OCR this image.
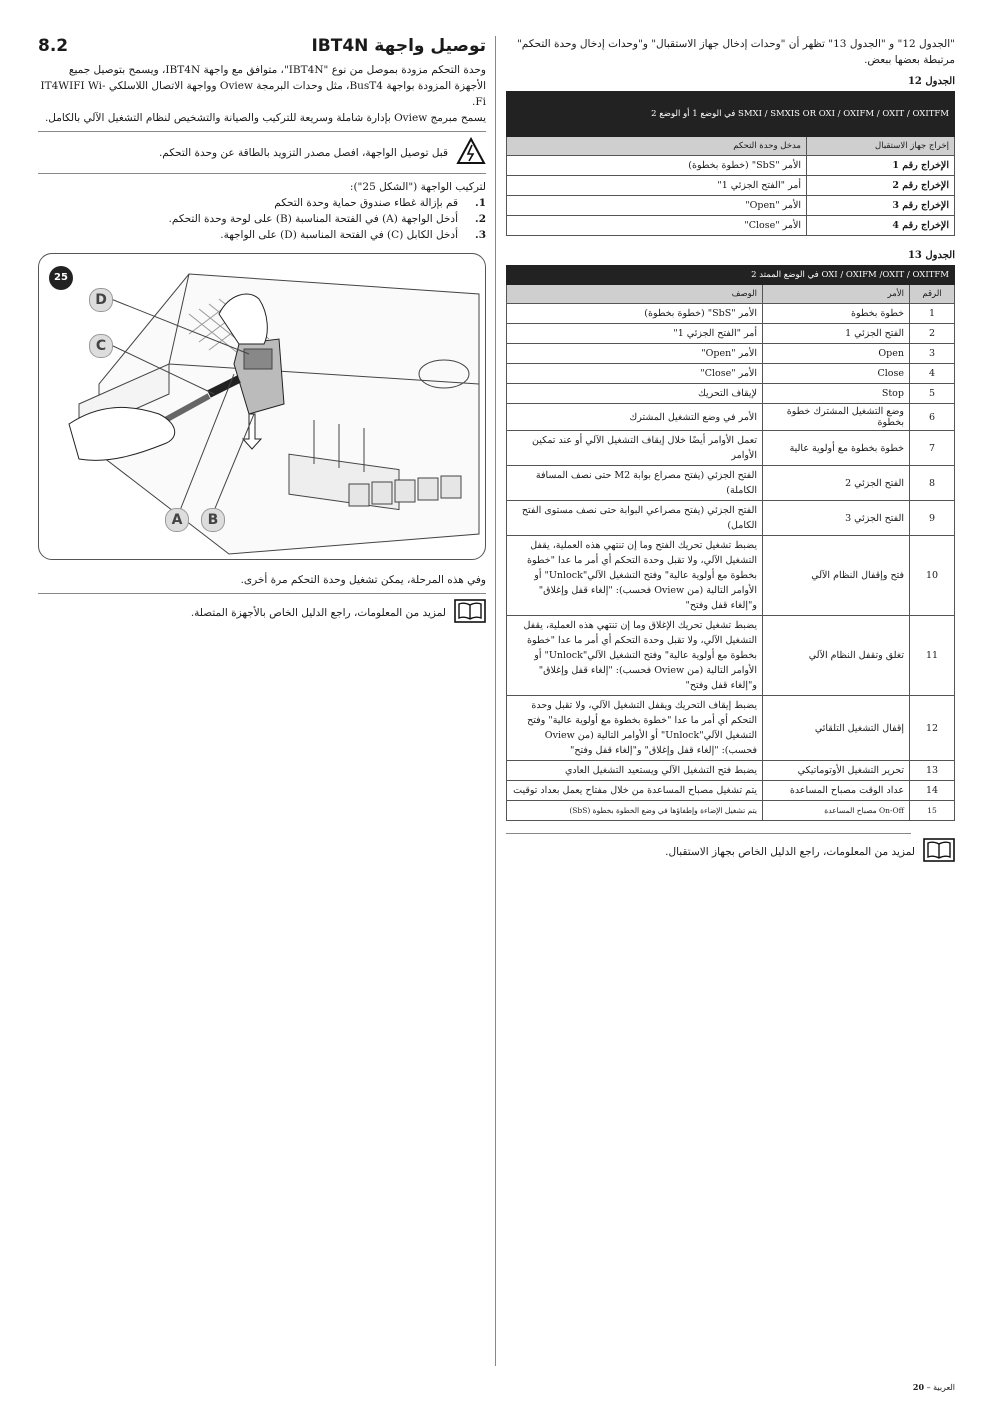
توصيل واجهة IBT4N
8.2
وحدة التحكم مزودة بموصل من نوع "IBT4N"، متوافق مع واجهة IBT4N، ويسمح بتوصيل جميع الأجهزة المزودة بواجهة BusT4، مثل وحدات البرمجة Oview وواجهة الاتصال اللاسلكي IT4WIFI Wi-Fi.
يسمح مبرمج Oview بإدارة شاملة وسريعة للتركيب والصيانة والتشخيص لنظام التشغيل الآلي بالكامل.
قبل توصيل الواجهة، افصل مصدر التزويد بالطاقة عن وحدة التحكم.
لتركيب الواجهة ("الشكل 25"):
1.
قم بإزالة غطاء صندوق حماية وحدة التحكم
2.
أدخل الواجهة (A) في الفتحة المناسبة (B) على لوحة وحدة التحكم.
3.
أدخل الكابل (C) في الفتحة المناسبة (D) على الواجهة.
25
D
C
A	B
وفي هذه المرحلة، يمكن تشغيل وحدة التحكم مرة أخرى.
لمزيد من المعلومات، راجع الدليل الخاص بالأجهزة المتصلة.
"الجدول 12" و "الجدول 13" تظهر أن "وحدات إدخال جهاز الاستقبال" و"وحدات إدخال وحدة التحكم" مرتبطة بعضها ببعض.
الجدول 12
SMXI / SMXIS OR OXI / OXIFM / OXIT / OXITFM في الوضع 1 أو الوضع 2	
إخراج جهاز الاستقبال	مدخل وحدة التحكم
الإخراج رقم 1	الأمر "SbS" (خطوة بخطوة)
الإخراج رقم 2	أمر "الفتح الجزئي 1"
الإخراج رقم 3	الأمر "Open"
الإخراج رقم 4	الأمر "Close"
الجدول 13
OXI / OXIFM /OXIT / OXITFM في الوضع الممتد 2		
الرقم	الأمر	الوصف
1	خطوة بخطوة	الأمر "SbS" (خطوة بخطوة)
2	الفتح الجزئي 1	أمر "الفتح الجزئي 1"
3	Open	الأمر "Open"
4	Close	الأمر "Close"
5	Stop	لإيقاف التحريك
6	وضع التشغيل المشترك خطوة بخطوة	الأمر في وضع التشغيل المشترك
7	خطوة بخطوة مع أولوية عالية	تعمل الأوامر أيضًا خلال إيقاف التشغيل الآلي أو عند تمكين الأوامر
8	الفتح الجزئي 2	الفتح الجزئي (يفتح مصراع بوابة M2 حتى نصف المسافة الكاملة)
9	الفتح الجزئي 3	الفتح الجزئي (يفتح مصراعي البوابة حتى نصف مستوى الفتح الكامل)
10	فتح وإقفال النظام الآلي	يضبط تشغيل تحريك الفتح وما إن تنتهي هذه العملية، يقفل التشغيل الآلي، ولا تقبل وحدة التحكم أي أمر ما عدا "خطوة بخطوة مع أولوية عالية" وفتح التشغيل الآلي"Unlock" أو الأوامر التالية (من Oview فحسب): "إلغاء قفل وإغلاق" و"إلغاء قفل وفتح"
11	تغلق وتقفل النظام الآلي	يضبط تشغيل تحريك الإغلاق وما إن تنتهي هذه العملية، يقفل التشغيل الآلي، ولا تقبل وحدة التحكم أي أمر ما عدا "خطوة بخطوة مع أولوية عالية" وفتح التشغيل الآلي"Unlock" أو الأوامر التالية (من Oview فحسب): "إلغاء قفل وإغلاق" و"إلغاء قفل وفتح"
12	إقفال التشغيل التلقائي	يضبط إيقاف التحريك ويقفل التشغيل الآلي، ولا تقبل وحدة التحكم أي أمر ما عدا "خطوة بخطوة مع أولوية عالية" وفتح التشغيل الآلي"Unlock" أو الأوامر التالية (من Oview فحسب): "إلغاء قفل وإغلاق" و"إلغاء قفل وفتح"
13	تحرير التشغيل الأوتوماتيكي	يضبط فتح التشغيل الآلي ويستعيد التشغيل العادي
14	عداد الوقت مصباح المساعدة	يتم تشغيل مصباح المساعدة من خلال مفتاح يعمل بعداد توقيت
15	On-Off مصباح المساعدة	يتم تشغيل الإضاءة وإطفاؤها في وضع الخطوة بخطوة (SbS)
لمزيد من المعلومات، راجع الدليل الخاص بجهاز الاستقبال.
العربية – 20
